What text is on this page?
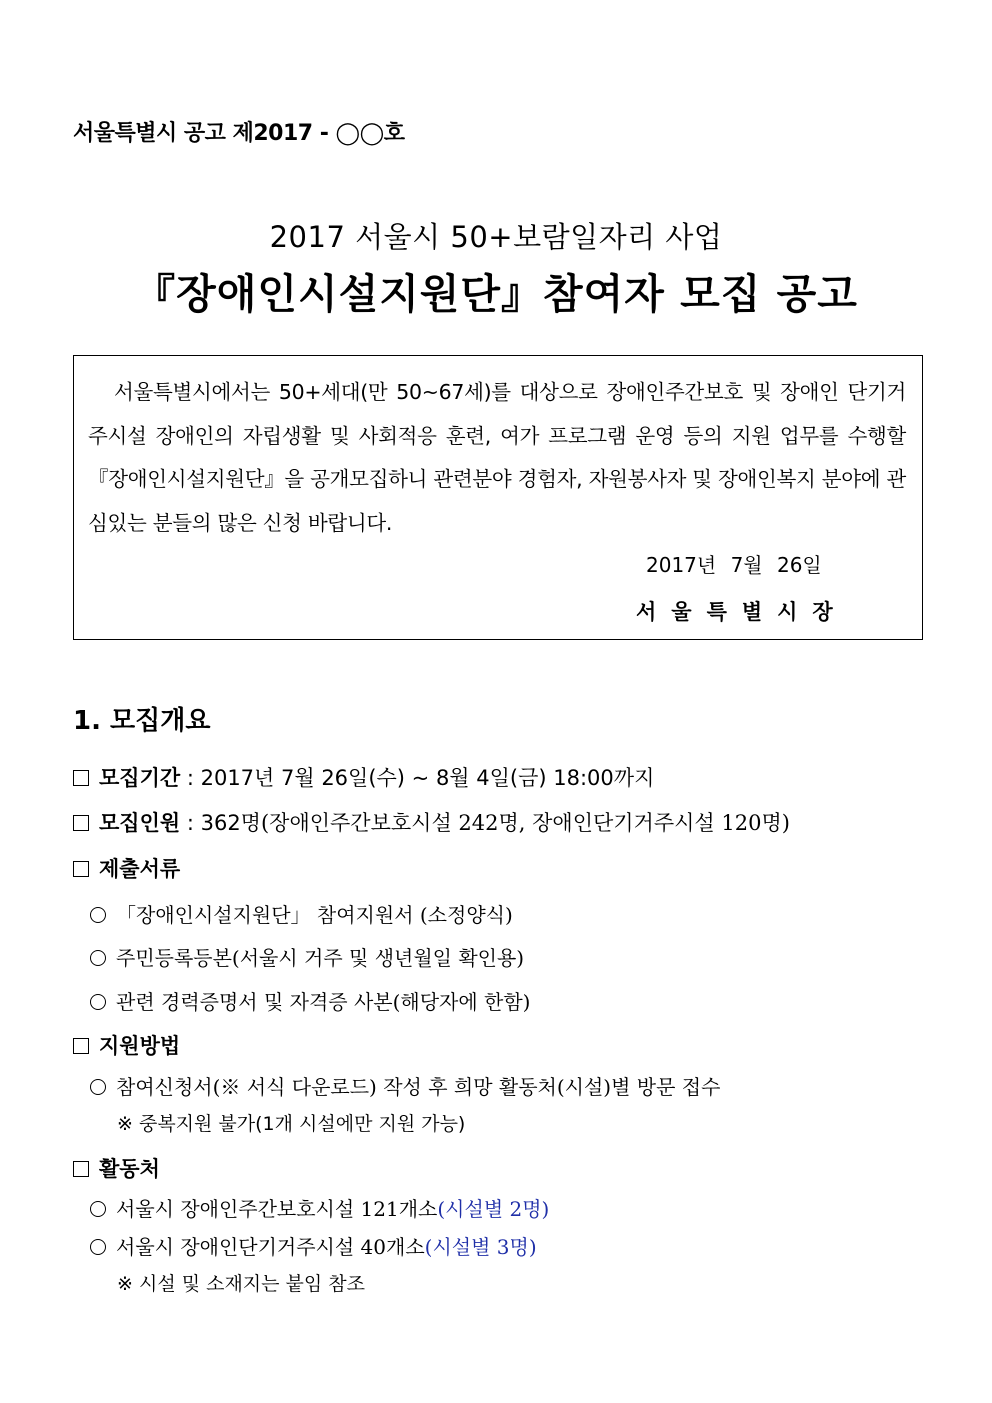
서울특별시 공고 제2017 - ◯◯호
2017 서울시 50+보람일자리 사업
『장애인시설지원단』참여자 모집 공고
서울특별시에서는 50+세대(만 50~67세)를 대상으로 장애인주간보호 및 장애인 단기거주시설 장애인의 자립생활 및 사회적응 훈련, 여가 프로그램 운영 등의 지원 업무를 수행할『장애인시설지원단』을 공개모집하니 관련분야 경험자, 자원봉사자 및 장애인복지 분야에 관심있는 분들의 많은 신청 바랍니다.
2017년 7월 26일
서울특별시장
1. 모집개요
모집기간 : 2017년 7월 26일(수) ~ 8월 4일(금) 18:00까지
모집인원 : 362명(장애인주간보호시설 242명, 장애인단기거주시설 120명)
제출서류
「장애인시설지원단」 참여지원서 (소정양식)
주민등록등본(서울시 거주 및 생년월일 확인용)
관련 경력증명서 및 자격증 사본(해당자에 한함)
지원방법
참여신청서(※ 서식 다운로드) 작성 후 희망 활동처(시설)별 방문 접수
※ 중복지원 불가(1개 시설에만 지원 가능)
활동처
서울시 장애인주간보호시설 121개소(시설별 2명)
서울시 장애인단기거주시설 40개소(시설별 3명)
※ 시설 및 소재지는 붙임 참조
